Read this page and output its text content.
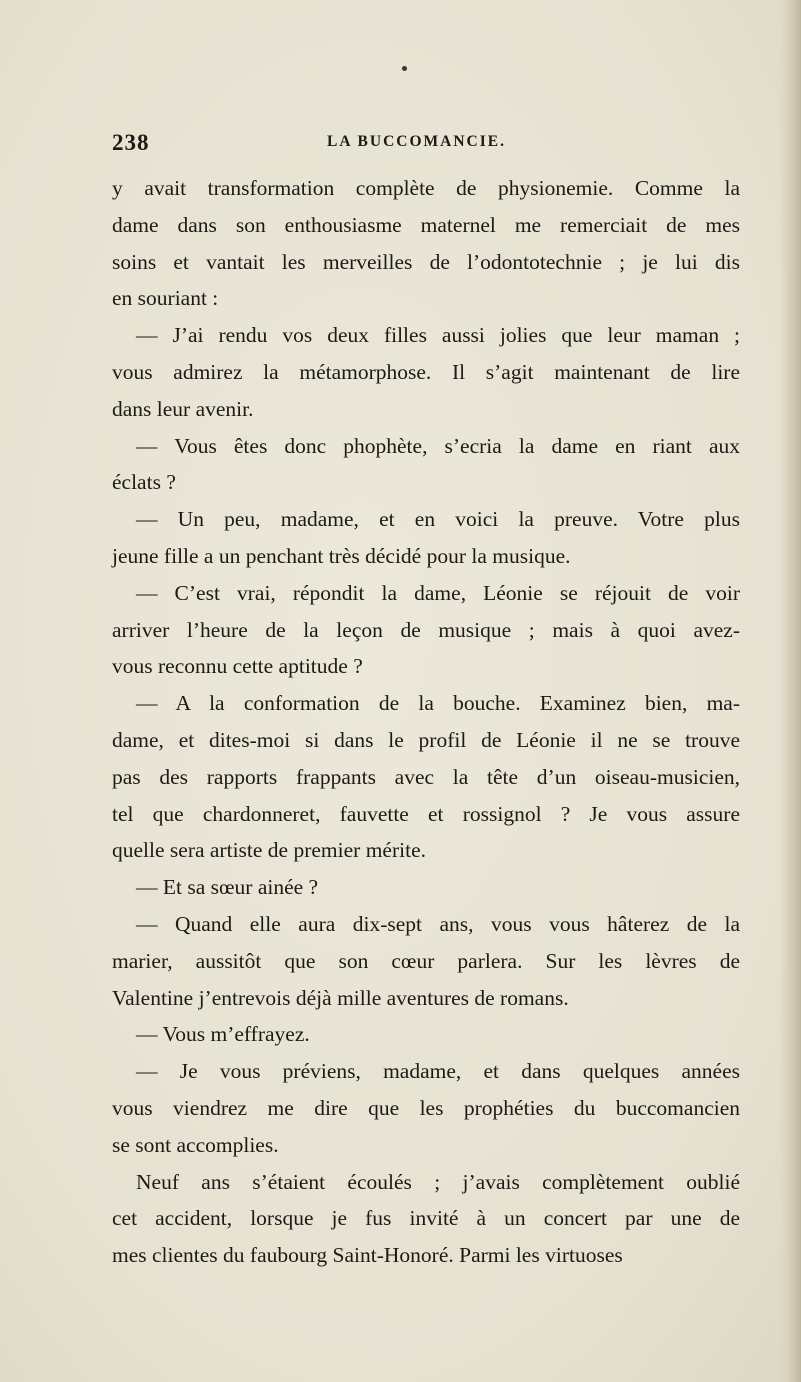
238	LA BUCCOMANCIE.
y avait transformation complète de physionemie. Comme la
dame dans son enthousiasme maternel me remerciait de mes
soins et vantait les merveilles de l’odontotechnie ; je lui dis
en souriant :
— J’ai rendu vos deux filles aussi jolies que leur maman ;
vous admirez la métamorphose. Il s’agit maintenant de lire
dans leur avenir.
— Vous êtes donc phophète, s’ecria la dame en riant aux
éclats ?
— Un peu, madame, et en voici la preuve. Votre plus
jeune fille a un penchant très décidé pour la musique.
— C’est vrai, répondit la dame, Léonie se réjouit de voir
arriver l’heure de la leçon de musique ; mais à quoi avez-
vous reconnu cette aptitude ?
— A la conformation de la bouche. Examinez bien, ma-
dame, et dites-moi si dans le profil de Léonie il ne se trouve
pas des rapports frappants avec la tête d’un oiseau-musicien,
tel que chardonneret, fauvette et rossignol ? Je vous assure
quelle sera artiste de premier mérite.
— Et sa sœur ainée ?
— Quand elle aura dix-sept ans, vous vous hâterez de la
marier, aussitôt que son cœur parlera. Sur les lèvres de
Valentine j’entrevois déjà mille aventures de romans.
— Vous m’effrayez.
— Je vous préviens, madame, et dans quelques années
vous viendrez me dire que les prophéties du buccomancien
se sont accomplies.
Neuf ans s’étaient écoulés ; j’avais complètement oublié
cet accident, lorsque je fus invité à un concert par une de
mes clientes du faubourg Saint-Honoré. Parmi les virtuoses
